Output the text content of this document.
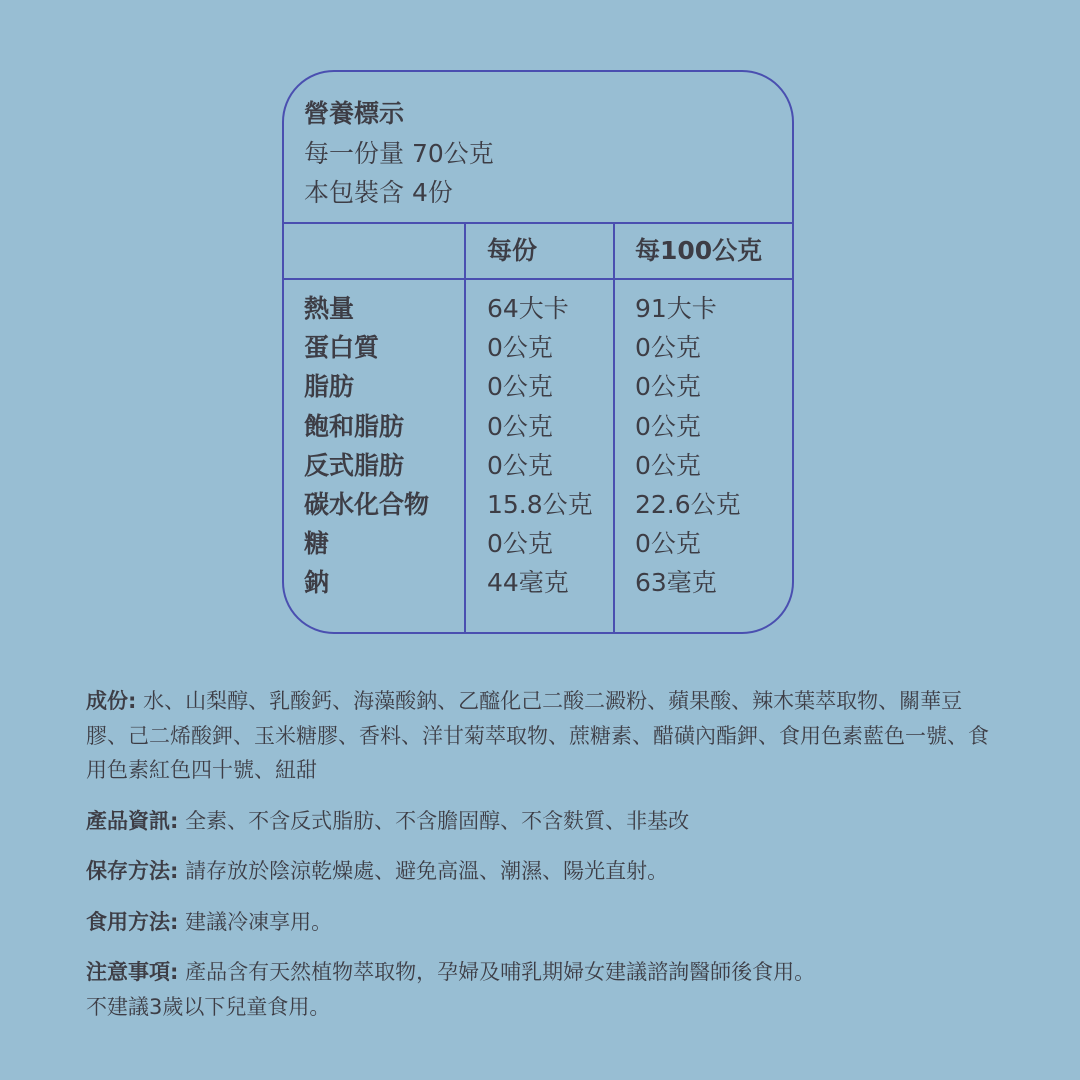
營養標示
每一份量 70公克
本包裝含 4份
每份	每100公克
熱量	64大卡	91大卡
蛋白質	0公克	0公克
脂肪	0公克	0公克
飽和脂肪	0公克	0公克
反式脂肪	0公克	0公克
碳水化合物 15.8公克 22.6公克
糖	0公克	0公克
鈉	44毫克	63毫克

成份: 水、山梨醇、乳酸鈣、海藻酸鈉、乙醯化己二酸二澱粉、蘋果酸、辣木葉萃取物、關華豆膠、己二烯酸鉀、玉米糖膠、香料、洋甘菊萃取物、蔗糖素、醋磺內酯鉀、食用色素藍色一號、食用色素紅色四十號、紐甜

產品資訊: 全素、不含反式脂肪、不含膽固醇、不含麩質、非基改

保存方法: 請存放於陰涼乾燥處、避免高溫、潮濕、陽光直射。

食用方法: 建議冷凍享用。

注意事項: 產品含有天然植物萃取物，孕婦及哺乳期婦女建議諮詢醫師後食用。
不建議3歲以下兒童食用。
